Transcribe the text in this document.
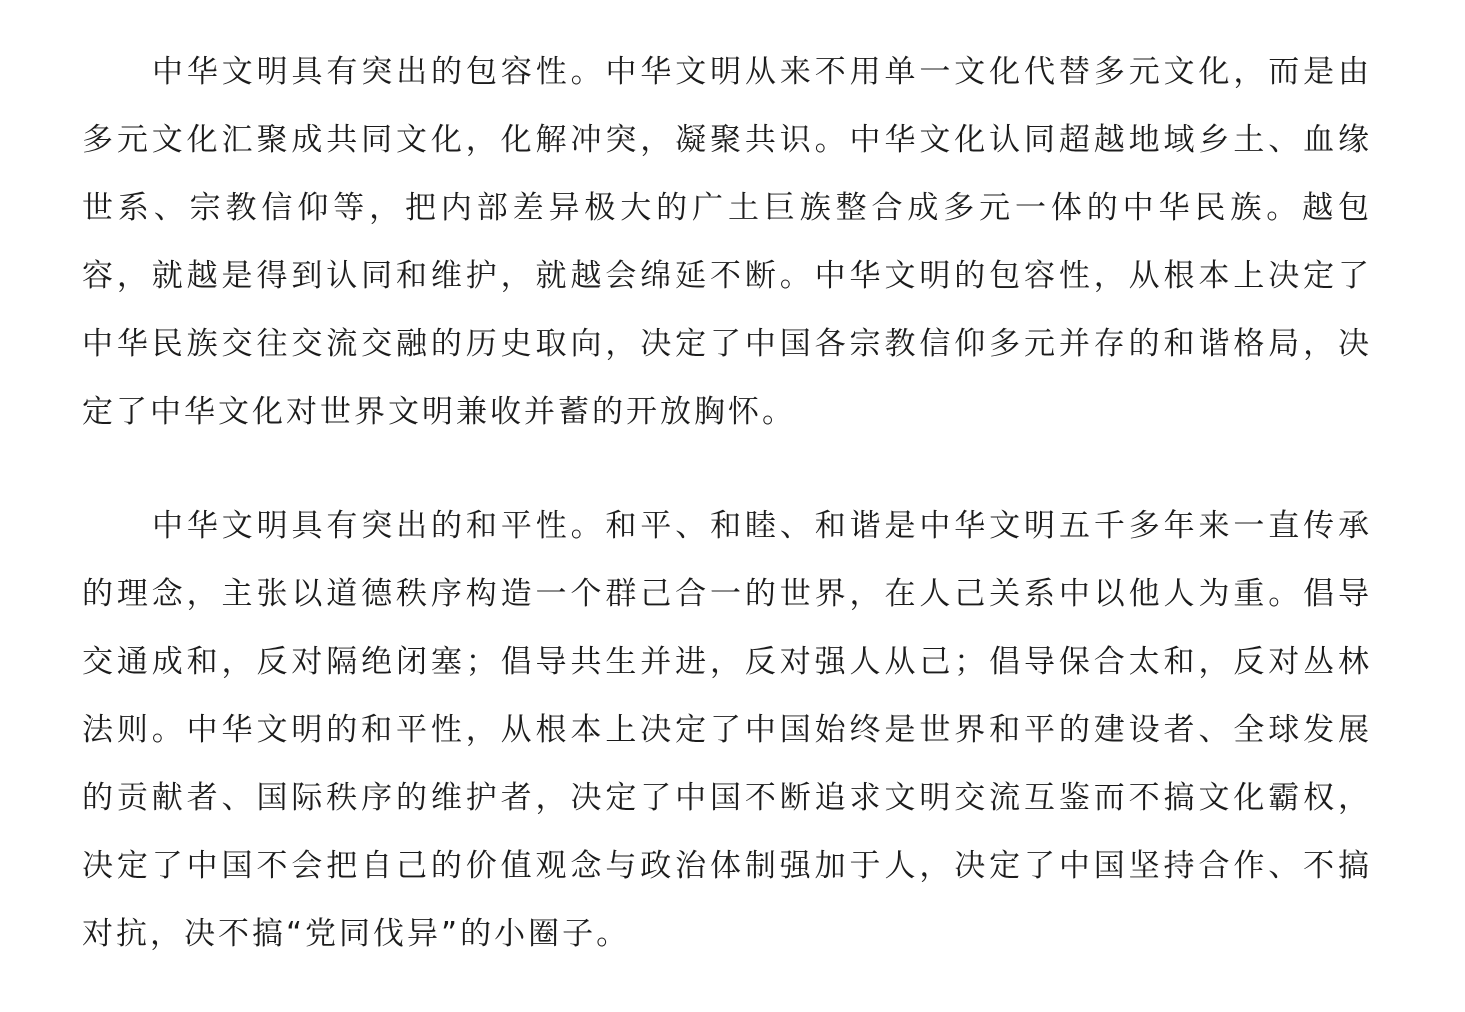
中华文明具有突出的包容性。中华文明从来不用单一文化代替多元文化，而是由多元文化汇聚成共同文化，化解冲突，凝聚共识。中华文化认同超越地域乡土、血缘世系、宗教信仰等，把内部差异极大的广土巨族整合成多元一体的中华民族。越包容，就越是得到认同和维护，就越会绵延不断。中华文明的包容性，从根本上决定了中华民族交往交流交融的历史取向，决定了中国各宗教信仰多元并存的和谐格局，决定了中华文化对世界文明兼收并蓄的开放胸怀。

中华文明具有突出的和平性。和平、和睦、和谐是中华文明五千多年来一直传承的理念，主张以道德秩序构造一个群己合一的世界，在人己关系中以他人为重。倡导交通成和，反对隔绝闭塞；倡导共生并进，反对强人从己；倡导保合太和，反对丛林法则。中华文明的和平性，从根本上决定了中国始终是世界和平的建设者、全球发展的贡献者、国际秩序的维护者，决定了中国不断追求文明交流互鉴而不搞文化霸权，决定了中国不会把自己的价值观念与政治体制强加于人，决定了中国坚持合作、不搞对抗，决不搞“党同伐异”的小圈子。
